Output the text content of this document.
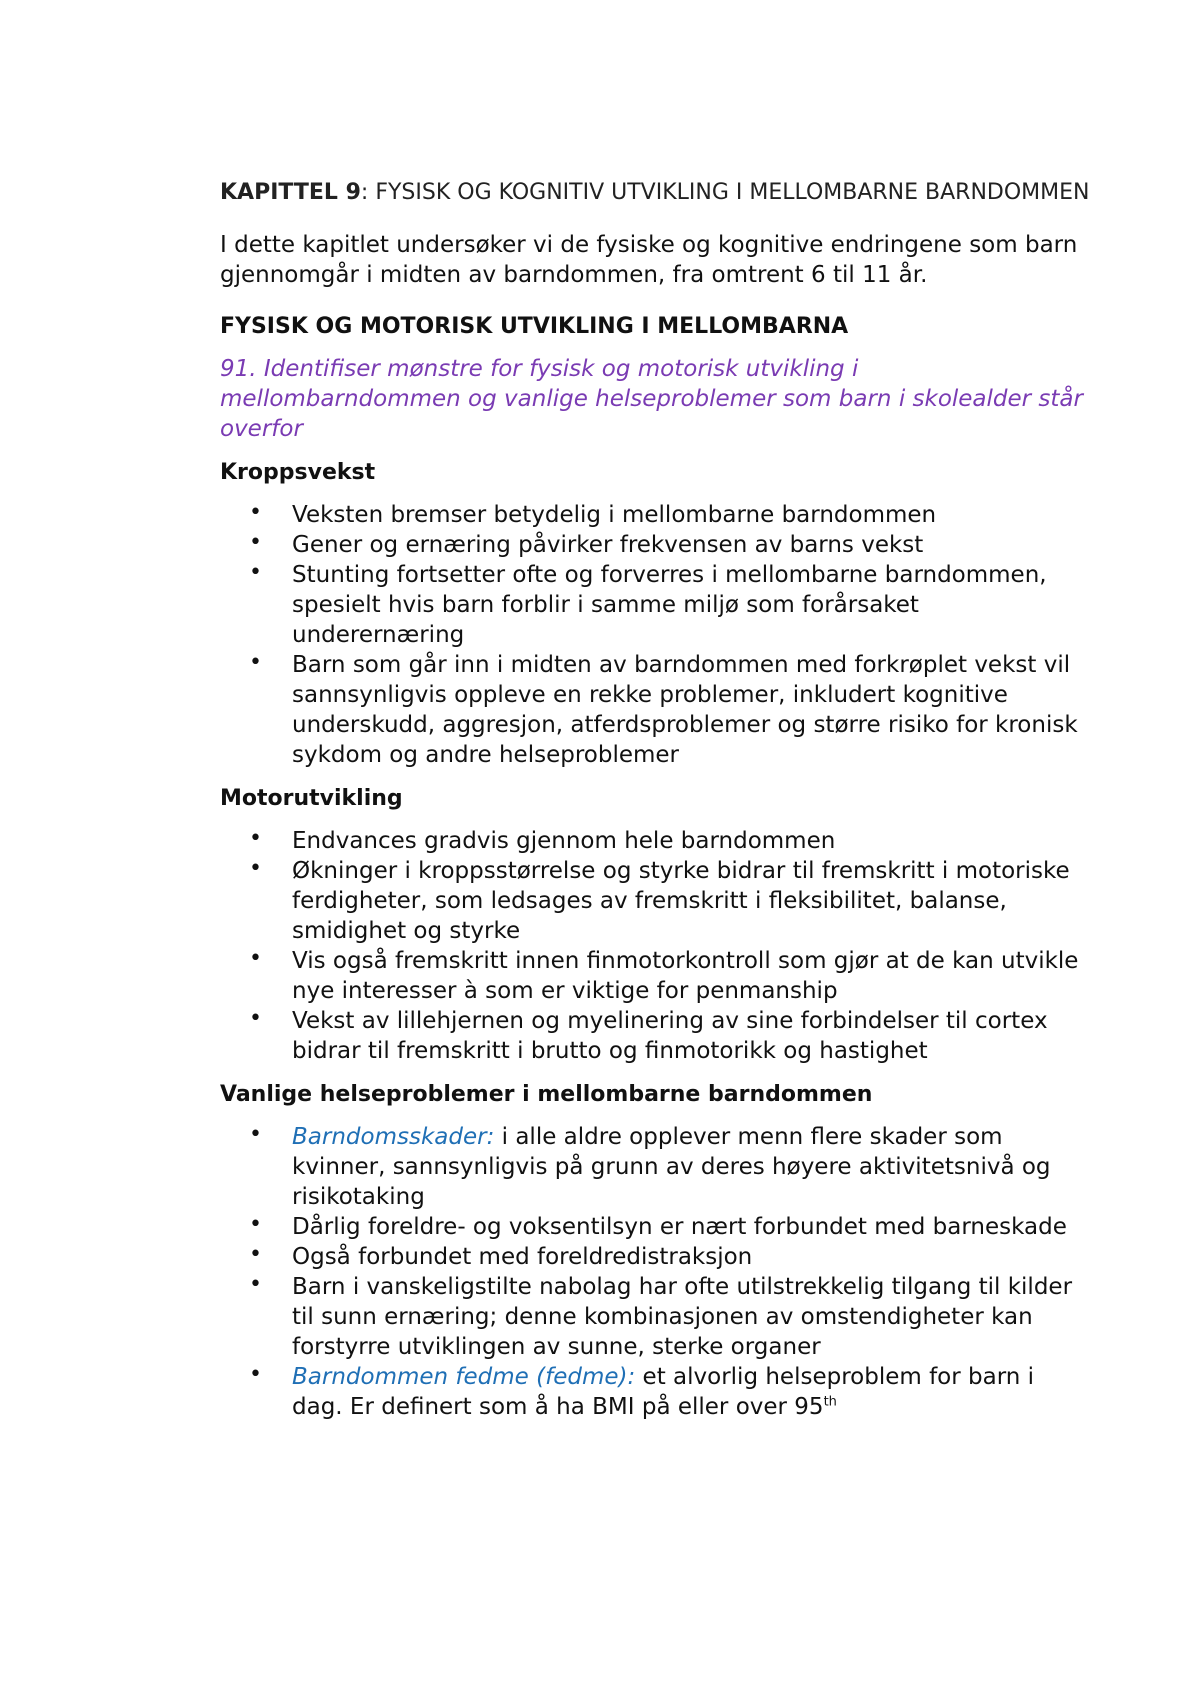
KAPITTEL 9: FYSISK OG KOGNITIV UTVIKLING I MELLOMBARNE BARNDOMMEN

I dette kapitlet undersøker vi de fysiske og kognitive endringene som barn gjennomgår i midten av barndommen, fra omtrent 6 til 11 år.

FYSISK OG MOTORISK UTVIKLING I MELLOMBARNA

91. Identifiser mønstre for fysisk og motorisk utvikling i mellombarndommen og vanlige helseproblemer som barn i skolealder står overfor

Kroppsvekst
• Veksten bremser betydelig i mellombarne barndommen
• Gener og ernæring påvirker frekvensen av barns vekst
• Stunting fortsetter ofte og forverres i mellombarne barndommen, spesielt hvis barn forblir i samme miljø som forårsaket underernæring
• Barn som går inn i midten av barndommen med forkrøplet vekst vil sannsynligvis oppleve en rekke problemer, inkludert kognitive underskudd, aggresjon, atferdsproblemer og større risiko for kronisk sykdom og andre helseproblemer
Motorutvikling
• Endvances gradvis gjennom hele barndommen
• Økninger i kroppsstørrelse og styrke bidrar til fremskritt i motoriske ferdigheter, som ledsages av fremskritt i fleksibilitet, balanse, smidighet og styrke
• Vis også fremskritt innen finmotorkontroll som gjør at de kan utvikle nye interesser à som er viktige for penmanship
• Vekst av lillehjernen og myelinering av sine forbindelser til cortex bidrar til fremskritt i brutto og finmotorikk og hastighet
Vanlige helseproblemer i mellombarne barndommen
• Barndomsskader: i alle aldre opplever menn flere skader som kvinner, sannsynligvis på grunn av deres høyere aktivitetsnivå og risikotaking
• Dårlig foreldre- og voksentilsyn er nært forbundet med barneskade
• Også forbundet med foreldredistraksjon
• Barn i vanskeligstilte nabolag har ofte utilstrekkelig tilgang til kilder til sunn ernæring; denne kombinasjonen av omstendigheter kan forstyrre utviklingen av sunne, sterke organer
• Barndommen fedme (fedme): et alvorlig helseproblem for barn i dag. Er definert som å ha BMI på eller over 95th
